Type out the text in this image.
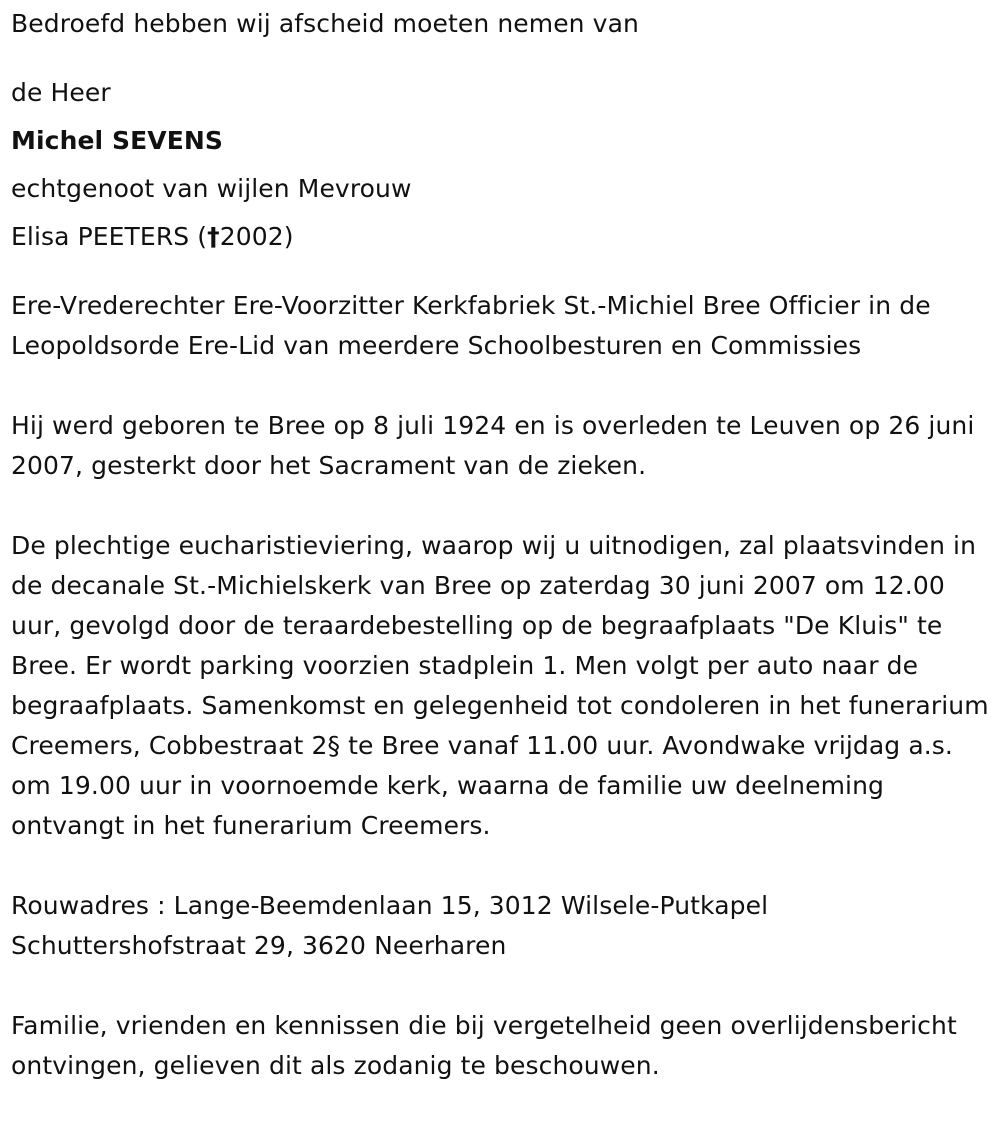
Bedroefd hebben wij afscheid moeten nemen van

de Heer

Michel SEVENS

echtgenoot van wijlen Mevrouw

Elisa PEETERS (†2002)

Ere-Vrederechter Ere-Voorzitter Kerkfabriek St.-Michiel Bree Officier in de Leopoldsorde Ere-Lid van meerdere Schoolbesturen en Commissies

Hij werd geboren te Bree op 8 juli 1924 en is overleden te Leuven op 26 juni 2007, gesterkt door het Sacrament van de zieken.

De plechtige eucharistieviering, waarop wij u uitnodigen, zal plaatsvinden in de decanale St.-Michielskerk van Bree op zaterdag 30 juni 2007 om 12.00 uur, gevolgd door de teraardebestelling op de begraafplaats "De Kluis" te Bree. Er wordt parking voorzien stadplein 1. Men volgt per auto naar de begraafplaats. Samenkomst en gelegenheid tot condoleren in het funerarium Creemers, Cobbestraat 2§ te Bree vanaf 11.00 uur. Avondwake vrijdag a.s. om 19.00 uur in voornoemde kerk, waarna de familie uw deelneming ontvangt in het funerarium Creemers.

Rouwadres : Lange-Beemdenlaan 15, 3012 Wilsele-Putkapel

Schuttershofstraat 29, 3620 Neerharen

Familie, vrienden en kennissen die bij vergetelheid geen overlijdensbericht ontvingen, gelieven dit als zodanig te beschouwen.
